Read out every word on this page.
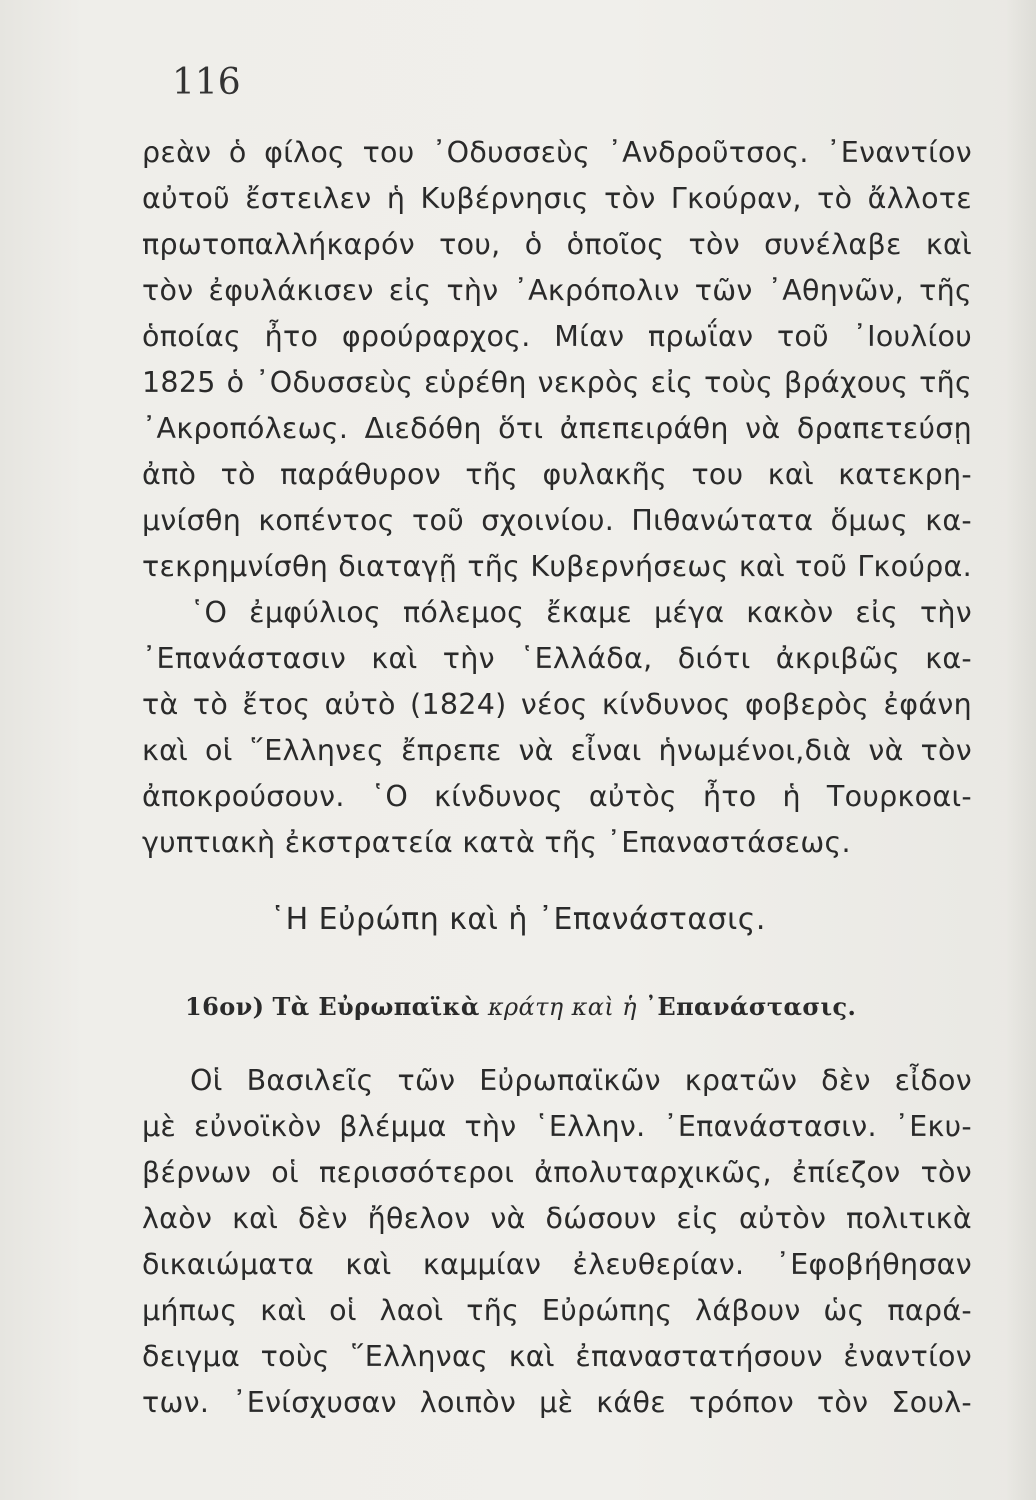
116
ρεὰν ὁ φίλος του ᾿Οδυσσεὺς ᾿Ανδροῦτσος. ᾿Εναντίον
αὐτοῦ ἔστειλεν ἡ Κυβέρνησις τὸν Γκούραν, τὸ ἄλλοτε
πρωτοπαλλήκαρόν του, ὁ ὁποῖος τὸν συνέλαβε καὶ
τὸν ἐφυλάκισεν εἰς τὴν ᾿Ακρόπολιν τῶν ᾿Αθηνῶν, τῆς
ὁποίας ἦτο φρούραρχος. Μίαν πρωΐαν τοῦ ᾿Ιουλίου
1825 ὁ ᾿Οδυσσεὺς εὑρέθη νεκρὸς εἰς τοὺς βράχους τῆς
᾿Ακροπόλεως. Διεδόθη ὅτι ἀπεπειράθη νὰ δραπετεύσῃ
ἀπὸ τὸ παράθυρον τῆς φυλακῆς του καὶ κατεκρη-
μνίσθη κοπέντος τοῦ σχοινίου. Πιθανώτατα ὅμως κα-
τεκρημνίσθη διαταγῇ τῆς Κυβερνήσεως καὶ τοῦ Γκούρα.
῾Ο ἐμφύλιος πόλεμος ἔκαμε μέγα κακὸν εἰς τὴν
᾿Επανάστασιν καὶ τὴν ῾Ελλάδα, διότι ἀκριβῶς κα-
τὰ τὸ ἔτος αὐτὸ (1824) νέος κίνδυνος φοβερὸς ἐφάνη
καὶ οἱ ῞Ελληνες ἔπρεπε νὰ εἶναι ἡνωμένοι,διὰ νὰ τὸν
ἀποκρούσουν. ῾Ο κίνδυνος αὐτὸς ἦτο ἡ Τουρκοαι-
γυπτιακὴ ἐκστρατεία κατὰ τῆς ᾿Επαναστάσεως.
῾Η Εὐρώπη καὶ ἡ ᾿Επανάστασις.
16ον) Τὰ Εὐρωπαϊκὰ κράτη καὶ ἡ ᾿Επανάστασις.
Οἱ Βασιλεῖς τῶν Εὐρωπαϊκῶν κρατῶν δὲν εἶδον
μὲ εὐνοϊκὸν βλέμμα τὴν ῾Ελλην. ᾿Επανάστασιν. ᾿Εκυ-
βέρνων οἱ περισσότεροι ἀπολυταρχικῶς, ἐπίεζον τὸν
λαὸν καὶ δὲν ἤθελον νὰ δώσουν εἰς αὐτὸν πολιτικὰ
δικαιώματα καὶ καμμίαν ἐλευθερίαν. ᾿Εφοβήθησαν
μήπως καὶ οἱ λαοὶ τῆς Εὐρώπης λάβουν ὡς παρά-
δειγμα τοὺς ῞Ελληνας καὶ ἐπαναστατήσουν ἐναντίον
των. ᾿Ενίσχυσαν λοιπὸν μὲ κάθε τρόπον τὸν Σουλ-
